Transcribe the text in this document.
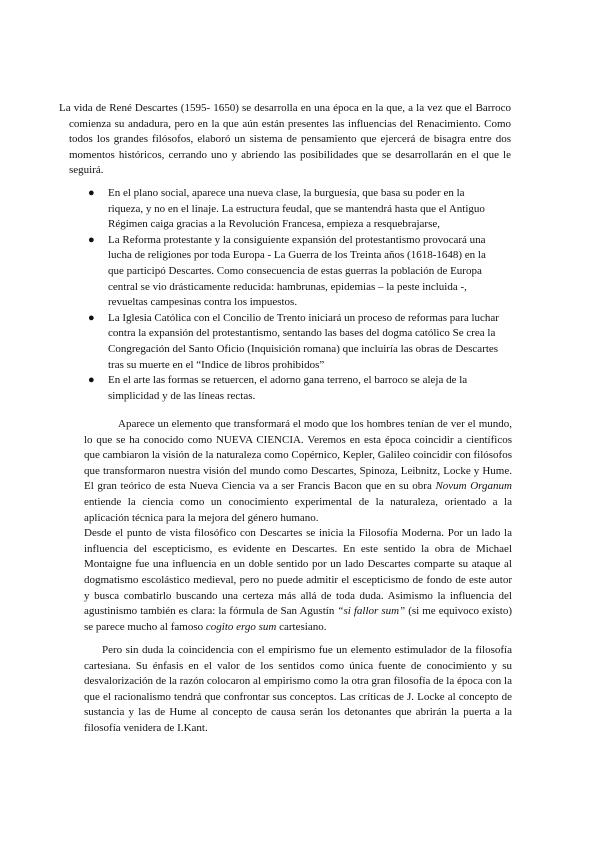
La vida de René Descartes (1595- 1650) se desarrolla en una época en la que, a la vez que el Barroco comienza su andadura, pero en la que aún están presentes las influencias del Renacimiento. Como todos los grandes filósofos, elaboró un sistema de pensamiento que ejercerá de bisagra entre dos momentos históricos, cerrando uno y abriendo las posibilidades que se desarrollarán en el que le seguirá.
● En el plano social, aparece una nueva clase, la burguesía, que basa su poder en la riqueza, y no en el linaje. La estructura feudal, que se mantendrá hasta que el Antiguo Régimen caiga gracias a la Revolución Francesa, empieza a resquebrajarse,
● La Reforma protestante y la consiguiente expansión del protestantismo provocará una lucha de religiones por toda Europa - La Guerra de los Treinta años (1618-1648) en la que participó Descartes. Como consecuencia de estas guerras la población de Europa central se vio drásticamente reducida: hambrunas, epidemias – la peste incluida -, revueltas campesinas contra los impuestos.
● La Iglesia Católica con el Concilio de Trento iniciará un proceso de reformas para luchar contra la expansión del protestantismo, sentando las bases del dogma católico Se crea la Congregación del Santo Oficio (Inquisición romana) que incluiría las obras de Descartes tras su muerte en el “Indice de libros prohibidos”
● En el arte las formas se retuercen, el adorno gana terreno, el barroco se aleja de la simplicidad y de las líneas rectas.

Aparece un elemento que transformará el modo que los hombres tenían de ver el mundo, lo que se ha conocido como NUEVA CIENCIA. Veremos en esta época coincidir a científicos que cambiaron la visión de la naturaleza como Copérnico, Kepler, Galileo coincidir con filósofos que transformaron nuestra visión del mundo como Descartes, Spinoza, Leibnitz, Locke y Hume. El gran teórico de esta Nueva Ciencia va a ser Francis Bacon que en su obra Novum Organum entiende la ciencia como un conocimiento experimental de la naturaleza, orientado a la aplicación técnica para la mejora del género humano.

Desde el punto de vista filosófico con Descartes se inicia la Filosofía Moderna. Por un lado la influencia del escepticismo, es evidente en Descartes. En este sentido la obra de Michael Montaigne fue una influencia en un doble sentido por un lado Descartes comparte su ataque al dogmatismo escolástico medieval, pero no puede admitir el escepticismo de fondo de este autor y busca combatirlo buscando una certeza más allá de toda duda. Asimismo la influencia del agustinismo también es clara: la fórmula de San Agustín “si fallor sum” (si me equivoco existo) se parece mucho al famoso cogito ergo sum cartesiano.

Pero sin duda la coincidencia con el empirismo fue un elemento estimulador de la filosofía cartesiana. Su énfasis en el valor de los sentidos como única fuente de conocimiento y su desvalorización de la razón colocaron al empirismo como la otra gran filosofía de la época con la que el racionalismo tendrá que confrontar sus conceptos. Las críticas de J. Locke al concepto de sustancia y las de Hume al concepto de causa serán los detonantes que abrirán la puerta a la filosofía venidera de I.Kant.
